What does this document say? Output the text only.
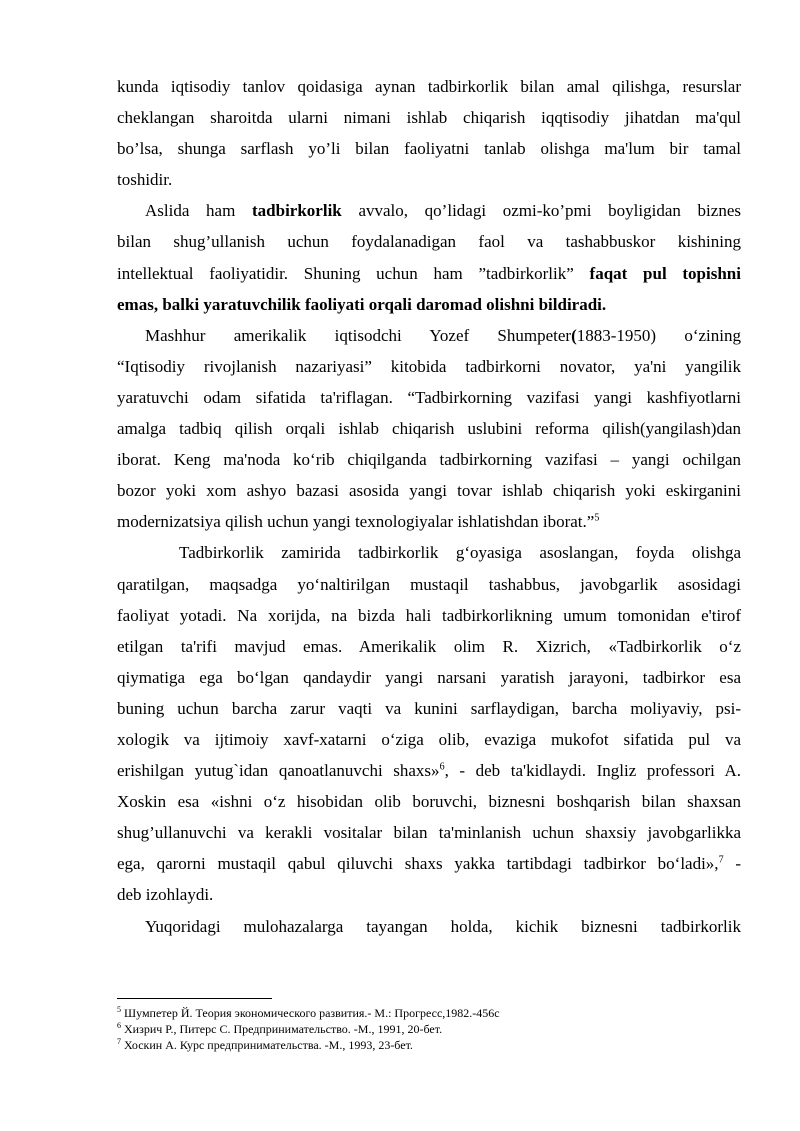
kunda iqtisodiy tanlov qoidasiga aynan tadbirkorlik bilan amal qilishga, resurslar
cheklangan sharoitda ularni nimani ishlab chiqarish iqqtisodiy jihatdan ma'qul
bo’lsa, shunga sarflash yo’li bilan faoliyatni tanlab olishga ma'lum bir tamal
toshidir.
Aslida ham tadbirkorlik avvalo, qo’lidagi ozmi-ko’pmi boyligidan biznes
bilan shug’ullanish uchun foydalanadigan faol va tashabbuskor kishining
intellektual faoliyatidir. Shuning uchun ham ”tadbirkorlik” faqat pul topishni
emas, balki yaratuvchilik faoliyati orqali daromad olishni bildiradi.
Mashhur amerikalik iqtisodchi Yozef Shumpeter(1883-1950) o‘zining
“Iqtisodiy rivojlanish nazariyasi” kitobida tadbirkorni novator, ya'ni yangilik
yaratuvchi odam sifatida ta'riflagan. “Tadbirkorning vazifasi yangi kashfiyotlarni
amalga tadbiq qilish orqali ishlab chiqarish uslubini reforma qilish(yangilash)dan
iborat. Keng ma'noda ko‘rib chiqilganda tadbirkorning vazifasi – yangi ochilgan
bozor yoki xom ashyo bazasi asosida yangi tovar ishlab chiqarish yoki eskirganini
modernizatsiya qilish uchun yangi texnologiyalar ishlatishdan iborat.”$^5$
Tadbirkorlik zamirida tadbirkorlik g‘oyasiga asoslangan, foyda olishga
qaratilgan, maqsadga yo‘naltirilgan mustaqil tashabbus, javobgarlik asosidagi
faoliyat yotadi. Na xorijda, na bizda hali tadbirkorlikning umum tomonidan e'tirof
etilgan ta'rifi mavjud emas. Amerikalik olim R. Xizrich, «Tadbirkorlik o‘z
qiymatiga ega bo‘lgan qandaydir yangi narsani yaratish jarayoni, tadbirkor esa
buning uchun barcha zarur vaqti va kunini sarflaydigan, barcha moliyaviy, psi-
xologik va ijtimoiy xavf-xatarni o‘ziga olib, evaziga mukofot sifatida pul va
erishilgan yutug`idan qanoatlanuvchi shaxs»$^6$, - deb ta'kidlaydi. Ingliz professori A.
Xoskin esa «ishni o‘z hisobidan olib boruvchi, biznesni boshqarish bilan shaxsan
shug’ullanuvchi va kerakli vositalar bilan ta'minlanish uchun shaxsiy javobgarlikka
ega, qarorni mustaqil qabul qiluvchi shaxs yakka tartibdagi tadbirkor bo‘ladi»,$^7$ -
deb izohlaydi.
Yuqoridagi mulohazalarga tayangan holda, kichik biznesni tadbirkorlik
$^5$ Шумпетер Й. Теория экономического развития.- М.: Прогресс,1982.-456с
$^6$ Хизрич Р., Питерс С. Предпринимательство. -М., 1991, 20-бет.
$^7$ Хоскин А. Курс предпринимательства. -М., 1993, 23-бет.
